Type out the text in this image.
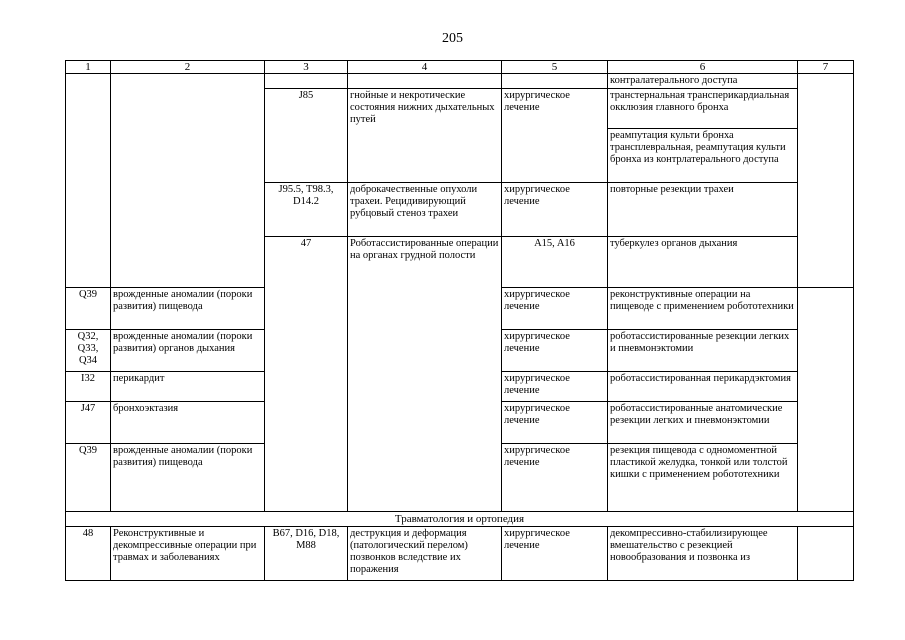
205
1	2	3	4	5	6	7	
					контралатерального доступа		
		J85	гнойные и некротические состояния нижних дыхательных путей	хирургическое лечение	транстернальная трансперикардиальная окклюзия главного бронха		
					реампутация культи бронха трансплевральная, реампутация культи бронха из контрлатерального доступа		
		J95.5, T98.3, D14.2	доброкачественные опухоли трахеи. Рецидивирующий рубцовый стеноз трахеи	хирургическое лечение	повторные резекции трахеи		
		47	Роботассистированные операции на органах грудной полости	A15, A16	туберкулез органов дыхания			
Q39	врожденные аномалии (пороки развития) пищевода			хирургическое лечение	реконструктивные операции на пищеводе с применением робототехники		
Q32, Q33, Q34	врожденные аномалии (пороки развития) органов дыхания			хирургическое лечение	роботассистированные резекции легких и пневмонэктомии		
I32	перикардит			хирургическое лечение	роботассистированная перикардэктомия		
J47	бронхоэктазия			хирургическое лечение	роботассистированные анатомические резекции легких и пневмонэктомии		
Q39	врожденные аномалии (пороки развития) пищевода			хирургическое лечение	резекция пищевода с одномоментной пластикой желудка, тонкой или толстой кишки с применением робототехники		
Травматология и ортопедия							
48	Реконструктивные и декомпрессивные операции при травмах и заболеваниях	B67, D16, D18, M88	деструкция и деформация (патологический перелом) позвонков вследствие их поражения	хирургическое лечение	декомпрессивно-стабилизирующее вмешательство с резекцией новообразования и позвонка из		
